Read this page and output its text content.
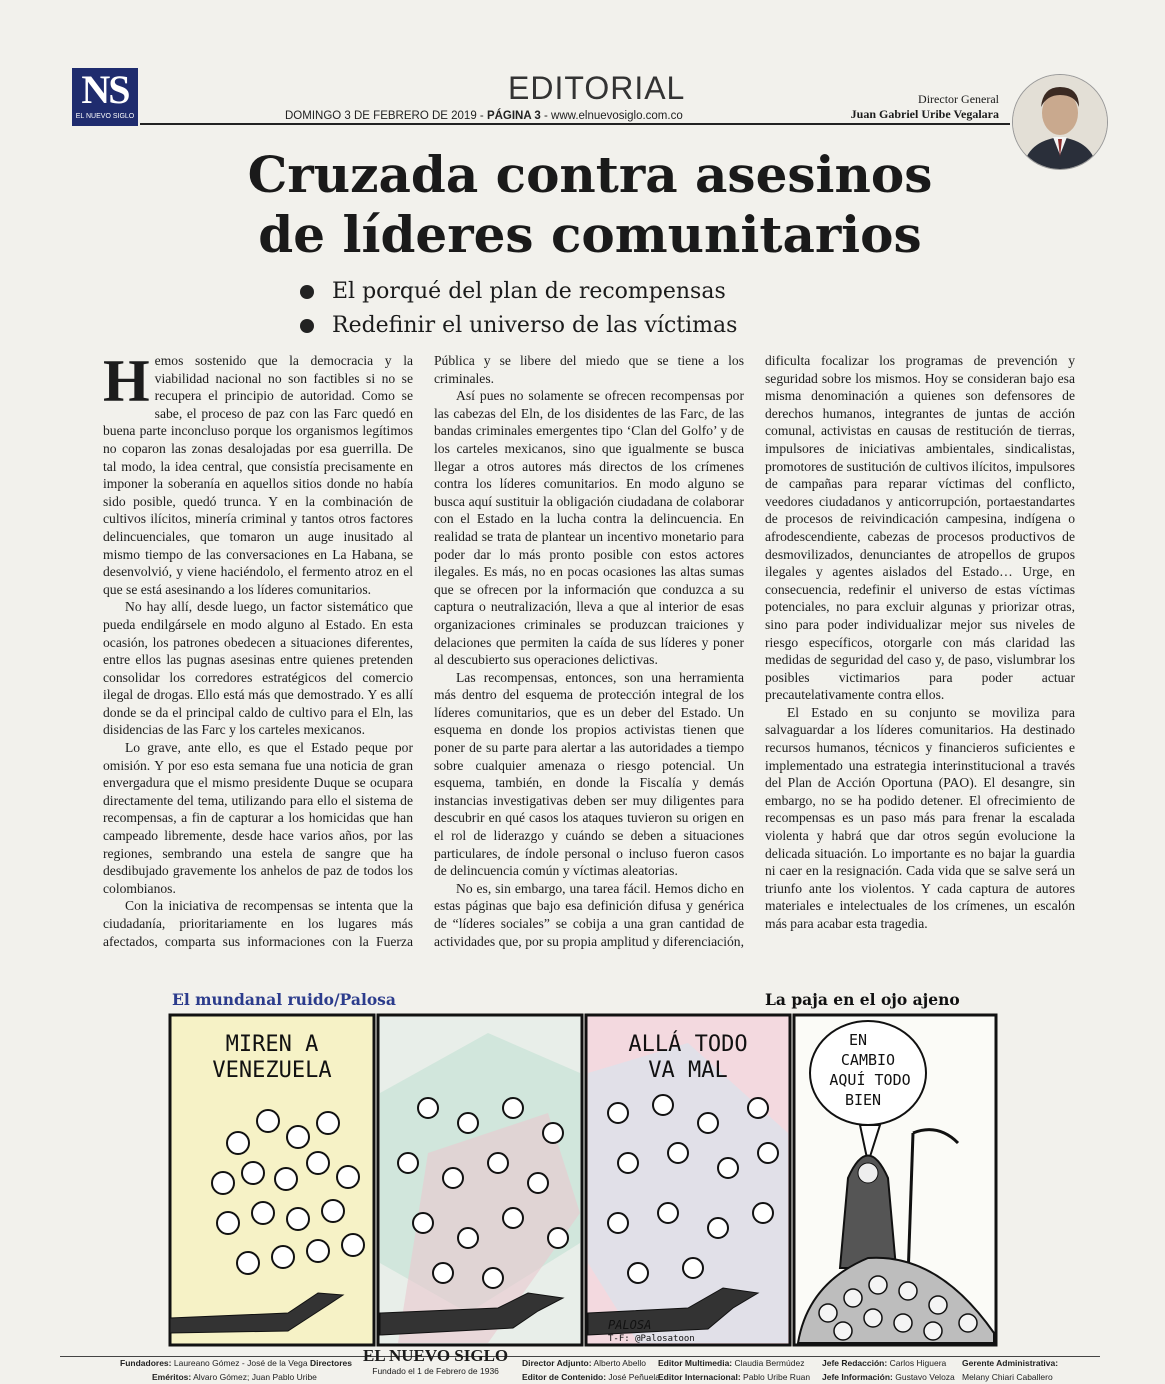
NS
EL NUEVO SIGLO
EDITORIAL
DOMINGO 3 DE FEBRERO DE 2019 - PÁGINA 3 - www.elnuevosiglo.com.co
Director General
Juan Gabriel Uribe Vegalara
Cruzada contra asesinos
de líderes comunitarios
El porqué del plan de recompensas
Redefinir el universo de las víctimas

Hemos sostenido que la democracia y la viabilidad nacional no son factibles si no se recupera el principio de autoridad. Como se sabe, el proceso de paz con las Farc quedó en buena parte inconcluso porque los organismos legítimos no coparon las zonas desalojadas por esa guerrilla. De tal modo, la idea central, que consistía precisamente en imponer la soberanía en aquellos sitios donde no había sido posible, quedó trunca. Y en la combinación de cultivos ilícitos, minería criminal y tantos otros factores delincuenciales, que tomaron un auge inusitado al mismo tiempo de las conversaciones en La Habana, se desenvolvió, y viene haciéndolo, el fermento atroz en el que se está asesinando a los líderes comunitarios.

No hay allí, desde luego, un factor sistemático que pueda endilgársele en modo alguno al Estado. En esta ocasión, los patrones obedecen a situaciones diferentes, entre ellos las pugnas asesinas entre quienes pretenden consolidar los corredores estratégicos del comercio ilegal de drogas. Ello está más que demostrado. Y es allí donde se da el principal caldo de cultivo para el Eln, las disidencias de las Farc y los carteles mexicanos.

Lo grave, ante ello, es que el Estado peque por omisión. Y por eso esta semana fue una noticia de gran envergadura que el mismo presidente Duque se ocupara directamente del tema, utilizando para ello el sistema de recompensas, a fin de capturar a los homicidas que han campeado libremente, desde hace varios años, por las regiones, sembrando una estela de sangre que ha desdibujado gravemente los anhelos de paz de todos los colombianos.

Con la iniciativa de recompensas se intenta que la ciudadanía, prioritariamente en los lugares más afectados, comparta sus informaciones con la Fuerza Pública y se libere del miedo que se tiene a los criminales.

Así pues no solamente se ofrecen recompensas por las cabezas del Eln, de los disidentes de las Farc, de las bandas criminales emergentes tipo ‘Clan del Golfo’ y de los carteles mexicanos, sino que igualmente se busca llegar a otros autores más directos de los crímenes contra los líderes comunitarios. En modo alguno se busca aquí sustituir la obligación ciudadana de colaborar con el Estado en la lucha contra la delincuencia. En realidad se trata de plantear un incentivo monetario para poder dar lo más pronto posible con estos actores ilegales. Es más, no en pocas ocasiones las altas sumas que se ofrecen por la información que conduzca a su captura o neutralización, lleva a que al interior de esas organizaciones criminales se produzcan traiciones y delaciones que permiten la caída de sus líderes y poner al descubierto sus operaciones delictivas.

Las recompensas, entonces, son una herramienta más dentro del esquema de protección integral de los líderes comunitarios, que es un deber del Estado. Un esquema en donde los propios activistas tienen que poner de su parte para alertar a las autoridades a tiempo sobre cualquier amenaza o riesgo potencial. Un esquema, también, en donde la Fiscalía y demás instancias investigativas deben ser muy diligentes para descubrir en qué casos los ataques tuvieron su origen en el rol de liderazgo y cuándo se deben a situaciones particulares, de índole personal o incluso fueron casos de delincuencia común y víctimas aleatorias.

No es, sin embargo, una tarea fácil. Hemos dicho en estas páginas que bajo esa definición difusa y genérica de “líderes sociales” se cobija a una gran cantidad de actividades que, por su propia amplitud y diferenciación, dificulta focalizar los programas de prevención y seguridad sobre los mismos. Hoy se consideran bajo esa misma denominación a quienes son defensores de derechos humanos, integrantes de juntas de acción comunal, activistas en causas de restitución de tierras, impulsores de iniciativas ambientales, sindicalistas, promotores de sustitución de cultivos ilícitos, impulsores de campañas para reparar víctimas del conflicto, veedores ciudadanos y anticorrupción, portaestandartes de procesos de reivindicación campesina, indígena o afrodescendiente, cabezas de procesos productivos de desmovilizados, denunciantes de atropellos de grupos ilegales y agentes aislados del Estado… Urge, en consecuencia, redefinir el universo de estas víctimas potenciales, no para excluir algunas y priorizar otras, sino para poder individualizar mejor sus niveles de riesgo específicos, otorgarle con más claridad las medidas de seguridad del caso y, de paso, vislumbrar los posibles victimarios para poder actuar precautelativamente contra ellos.

El Estado en su conjunto se moviliza para salvaguardar a los líderes comunitarios. Ha destinado recursos humanos, técnicos y financieros suficientes e implementado una estrategia interinstitucional a través del Plan de Acción Oportuna (PAO). El desangre, sin embargo, no se ha podido detener. El ofrecimiento de recompensas es un paso más para frenar la escalada violenta y habrá que dar otros según evolucione la delicada situación. Lo importante es no bajar la guardia ni caer en la resignación. Cada vida que se salve será un triunfo ante los violentos. Y cada captura de autores materiales e intelectuales de los crímenes, un escalón más para acabar esta tragedia.

El mundanal ruido/Palosa	La paja en el ojo ajeno
MIREN A
VENEZUELA
ALLÁ TODO
VA MAL
PALOSA
T-F: @Palosatoon
EN
CAMBIO
AQUÍ TODO
BIEN
Fundadores: Laureano Gómez - José de la Vega Directores
Eméritos: Alvaro Gómez; Juan Pablo Uribe
EL NUEVO SIGLO
Fundado el 1 de Febrero de 1936
Director Adjunto: Alberto Abello
Editor de Contenido: José Peñuela
Editor Multimedia: Claudia Bermúdez
Editor Internacional: Pablo Uribe Ruan
Jefe Redacción: Carlos Higuera
Jefe Información: Gustavo Veloza
Gerente Administrativa:
Melany Chiari Caballero
